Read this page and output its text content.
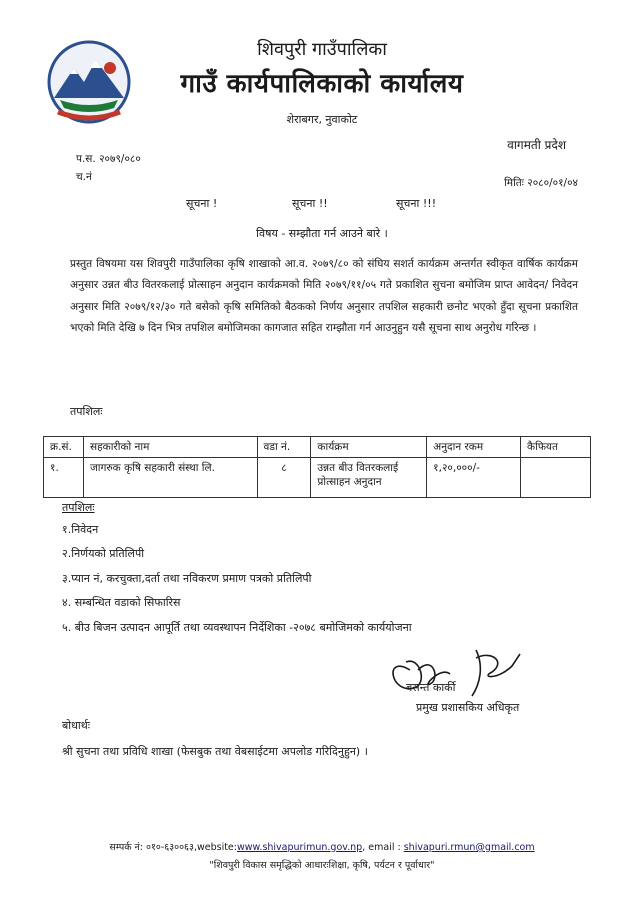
शिवपुरी गाउँपालिका
गाउँ कार्यपालिकाको कार्यालय
शेराबगर, नुवाकोट
वागमती प्रदेश
प.स. २०७९/०८०
च.नं	मितिः २०८०/०१/०४
सूचना !	सूचना !!	सूचना !!!
विषय - सम्झौता गर्न आउने बारे ।
प्रस्तुत विषयमा यस शिवपुरी गाउँपालिका कृषि शाखाको आ.व. २०७९/८० को संघिय सशर्त कार्यक्रम अन्तर्गत स्वीकृत वार्षिक कार्यक्रम अनुसार उन्नत बीउ वितरकलाई प्रोत्साहन अनुदान कार्यक्रमको मिति २०७९/११/०५ गते प्रकाशित सुचना बमोजिम प्राप्त आवेदन/ निवेदन अनुसार मिति २०७९/१२/३० गते बसेको कृषि समितिको बैठकको निर्णय अनुसार तपशिल सहकारी छनोट भएको हुँदा सूचना प्रकाशित भएको मिति देखि ७ दिन भित्र तपशिल बमोजिमका कागजात सहित राम्झौता गर्न आउनुहुन यसै सूचना साथ अनुरोध गरिन्छ ।
तपशिलः
क्र.सं.	सहकारीको नाम	वडा नं.	कार्यक्रम	अनुदान रकम	कैफियत
१.	जागरुक कृषि सहकारी संस्था लि.	८	उन्नत बीउ वितरकलाई प्रोत्साहन अनुदान	१,२०,०००/-	
तपशिलः
१.निवेदन
२.निर्णयको प्रतिलिपी
३.प्यान नं, करचुक्ता,दर्ता तथा नविकरण प्रमाण पत्रको प्रतिलिपी
४. सम्बन्धित वडाको सिफारिस
५. बीउ बिजन उत्पादन आपूर्ति तथा व्यवस्थापन निर्देशिका -२०७८ बमोजिमको कार्ययोजना
बसन्त कार्की
प्रमुख प्रशासकिय अधिकृत
बोधार्थः
श्री सुचना तथा प्रविधि शाखा (फेसबुक तथा वेबसाईटमा अपलोड गरिदिनुहुन) ।
सम्पर्क नं: ०१०-६३००६३,website:www.shivapurimun.gov.np, email : shivapuri.rmun@gmail.com
"शिवपुरी विकास समृद्धिको आधारःशिक्षा, कृषि, पर्यटन र पूर्वाधार"
